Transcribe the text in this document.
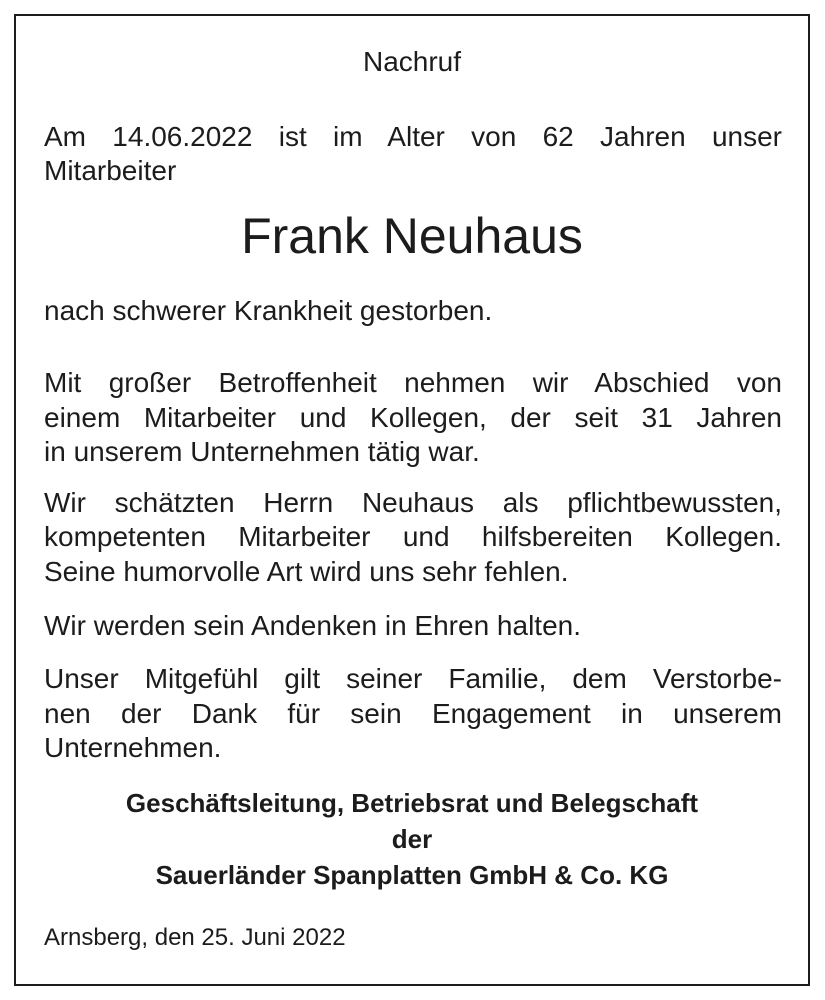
Nachruf

Am 14.06.2022 ist im Alter von 62 Jahren unser

Mitarbeiter

Frank Neuhaus

nach schwerer Krankheit gestorben.

Mit großer Betroffenheit nehmen wir Abschied von

einem Mitarbeiter und Kollegen, der seit 31 Jahren

in unserem Unternehmen tätig war.

Wir schätzten Herrn Neuhaus als pflichtbewussten,

kompetenten Mitarbeiter und hilfsbereiten Kollegen.

Seine humorvolle Art wird uns sehr fehlen.

Wir werden sein Andenken in Ehren halten.

Unser Mitgefühl gilt seiner Familie, dem Verstorbe-

nen der Dank für sein Engagement in unserem

Unternehmen.

Geschäftsleitung, Betriebsrat und Belegschaft

der

Sauerländer Spanplatten GmbH & Co. KG

Arnsberg, den 25. Juni 2022
